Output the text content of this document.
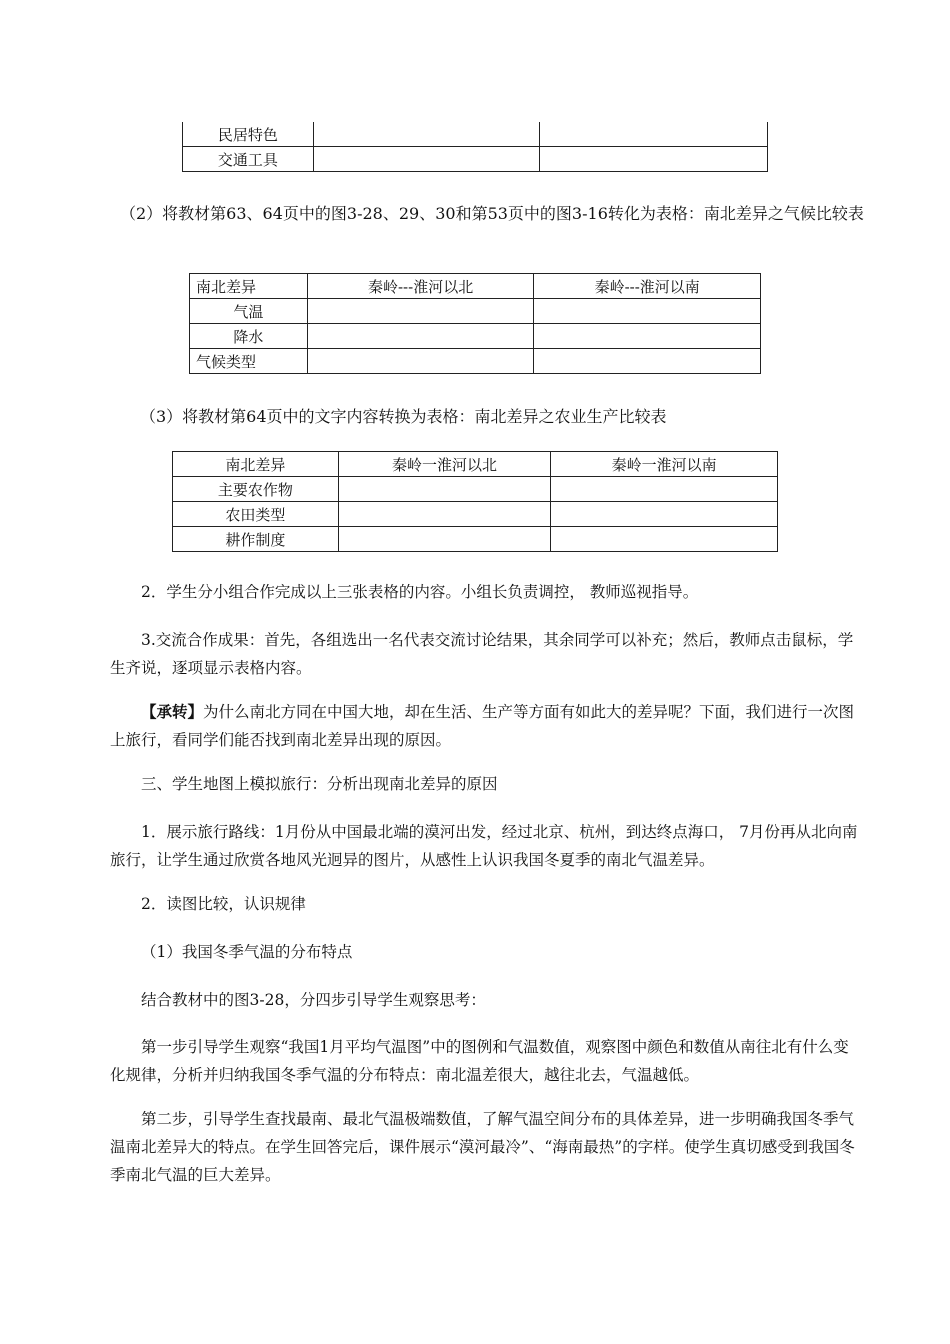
民居特色		
交通工具		

（2）将教材第63、64页中的图3-28、29、30和第53页中的图3-16转化为表格：南北差异之气候比较表

南北差异	秦岭---淮河以北	秦岭---淮河以南
气温		
降水		
气候类型		

（3）将教材第64页中的文字内容转换为表格：南北差异之农业生产比较表

南北差异	秦岭一淮河以北	秦岭一淮河以南
主要农作物		
农田类型		
耕作制度		

2．学生分小组合作完成以上三张表格的内容。小组长负责调控， 教师巡视指导。

3.交流合作成果：首先，各组选出一名代表交流讨论结果，其余同学可以补充；然后，教师点击鼠标，学生齐说，逐项显示表格内容。

【承转】为什么南北方同在中国大地，却在生活、生产等方面有如此大的差异呢？下面，我们进行一次图上旅行，看同学们能否找到南北差异出现的原因。

三、学生地图上模拟旅行：分析出现南北差异的原因

1．展示旅行路线：1月份从中国最北端的漠河出发，经过北京、杭州，到达终点海口， 7月份再从北向南旅行，让学生通过欣赏各地风光迥异的图片，从感性上认识我国冬夏季的南北气温差异。

2．读图比较，认识规律

（1）我国冬季气温的分布特点

结合教材中的图3-28，分四步引导学生观察思考：

第一步引导学生观察“我国1月平均气温图”中的图例和气温数值，观察图中颜色和数值从南往北有什么变化规律，分析并归纳我国冬季气温的分布特点：南北温差很大，越往北去，气温越低。

第二步，引导学生查找最南、最北气温极端数值，了解气温空间分布的具体差异，进一步明确我国冬季气温南北差异大的特点。在学生回答完后，课件展示“漠河最冷”、“海南最热”的字样。使学生真切感受到我国冬季南北气温的巨大差异。
